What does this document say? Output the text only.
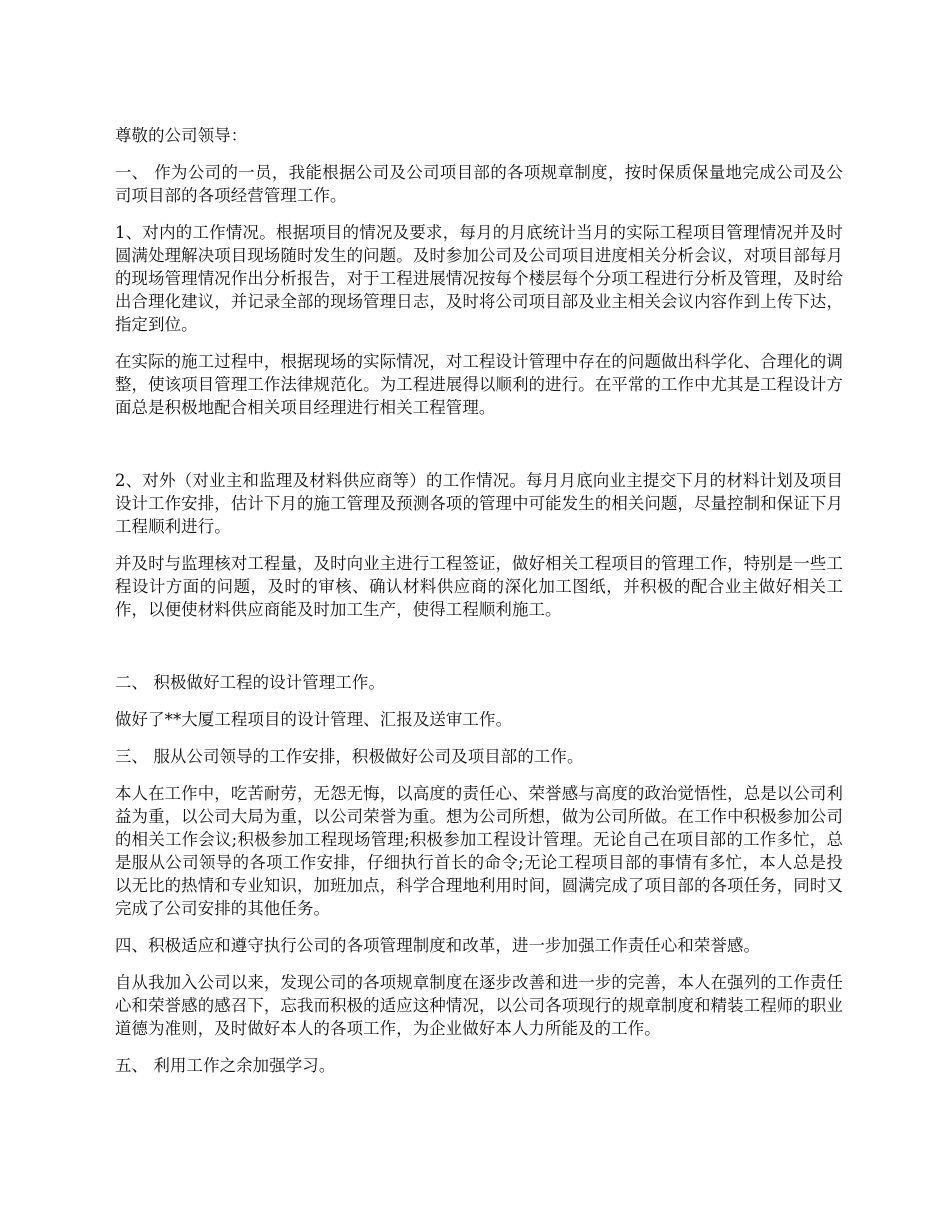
尊敬的公司领导：

一、 作为公司的一员，我能根据公司及公司项目部的各项规章制度，按时保质保量地完成公司及公司项目部的各项经营管理工作。

1、对内的工作情况。根据项目的情况及要求，每月的月底统计当月的实际工程项目管理情况并及时圆满处理解决项目现场随时发生的问题。及时参加公司及公司项目进度相关分析会议，对项目部每月的现场管理情况作出分析报告，对于工程进展情况按每个楼层每个分项工程进行分析及管理，及时给出合理化建议，并记录全部的现场管理日志，及时将公司项目部及业主相关会议内容作到上传下达，指定到位。

在实际的施工过程中，根据现场的实际情况，对工程设计管理中存在的问题做出科学化、合理化的调整，使该项目管理工作法律规范化。为工程进展得以顺利的进行。在平常的工作中尤其是工程设计方面总是积极地配合相关项目经理进行相关工程管理。

2、对外（对业主和监理及材料供应商等）的工作情况。每月月底向业主提交下月的材料计划及项目设计工作安排，估计下月的施工管理及预测各项的管理中可能发生的相关问题，尽量控制和保证下月工程顺利进行。

并及时与监理核对工程量，及时向业主进行工程签证，做好相关工程项目的管理工作，特别是一些工程设计方面的问题，及时的审核、确认材料供应商的深化加工图纸，并积极的配合业主做好相关工作，以便使材料供应商能及时加工生产，使得工程顺利施工。

二、 积极做好工程的设计管理工作。

做好了**大厦工程项目的设计管理、汇报及送审工作。

三、 服从公司领导的工作安排，积极做好公司及项目部的工作。

本人在工作中，吃苦耐劳，无怨无悔，以高度的责任心、荣誉感与高度的政治觉悟性，总是以公司利益为重，以公司大局为重，以公司荣誉为重。想为公司所想，做为公司所做。在工作中积极参加公司的相关工作会议;积极参加工程现场管理;积极参加工程设计管理。无论自己在项目部的工作多忙，总是服从公司领导的各项工作安排，仔细执行首长的命令;无论工程项目部的事情有多忙，本人总是投以无比的热情和专业知识，加班加点，科学合理地利用时间，圆满完成了项目部的各项任务，同时又完成了公司安排的其他任务。

四、积极适应和遵守执行公司的各项管理制度和改革，进一步加强工作责任心和荣誉感。

自从我加入公司以来，发现公司的各项规章制度在逐步改善和进一步的完善，本人在强列的工作责任心和荣誉感的感召下，忘我而积极的适应这种情况，以公司各项现行的规章制度和精装工程师的职业道德为准则，及时做好本人的各项工作，为企业做好本人力所能及的工作。

五、 利用工作之余加强学习。
